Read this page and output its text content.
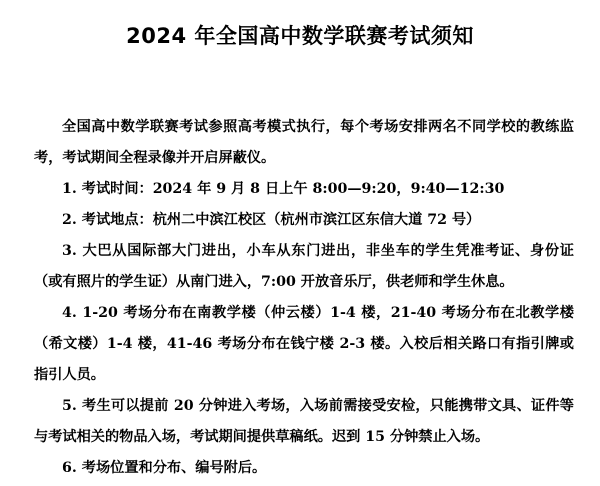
2024 年全国高中数学联赛考试须知

全国高中数学联赛考试参照高考模式执行，每个考场安排两名不同学校的教练监考，考试期间全程录像并开启屏蔽仪。

1. 考试时间：2024 年 9 月 8 日上午 8:00—9:20，9:40—12:30

2. 考试地点：杭州二中滨江校区（杭州市滨江区东信大道 72 号）

3. 大巴从国际部大门进出，小车从东门进出，非坐车的学生凭准考证、身份证（或有照片的学生证）从南门进入，7:00 开放音乐厅，供老师和学生休息。

4. 1-20 考场分布在南教学楼（仲云楼）1-4 楼，21-40 考场分布在北教学楼（希文楼）1-4 楼，41-46 考场分布在钱宁楼 2-3 楼。入校后相关路口有指引牌或指引人员。

5. 考生可以提前 20 分钟进入考场，入场前需接受安检，只能携带文具、证件等与考试相关的物品入场，考试期间提供草稿纸。迟到 15 分钟禁止入场。

6. 考场位置和分布、编号附后。
